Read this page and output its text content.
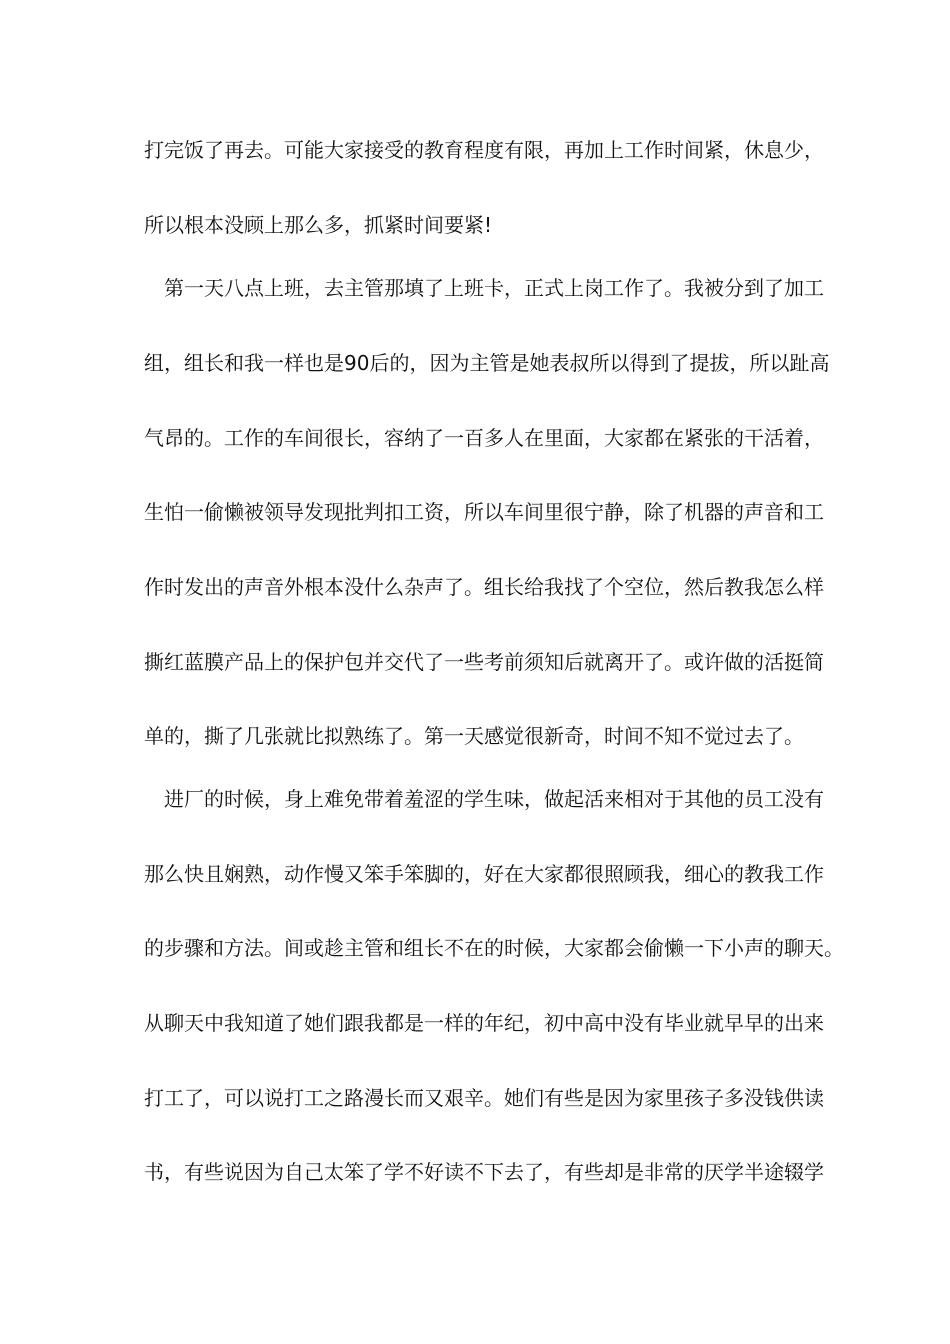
打完饭了再去。可能大家接受的教育程度有限，再加上工作时间紧，休息少，
所以根本没顾上那么多，抓紧时间要紧!
第一天八点上班，去主管那填了上班卡，正式上岗工作了。我被分到了加工
组，组长和我一样也是90后的，因为主管是她表叔所以得到了提拔，所以趾高
气昂的。工作的车间很长，容纳了一百多人在里面，大家都在紧张的干活着，
生怕一偷懒被领导发现批判扣工资，所以车间里很宁静，除了机器的声音和工
作时发出的声音外根本没什么杂声了。组长给我找了个空位，然后教我怎么样
撕红蓝膜产品上的保护包并交代了一些考前须知后就离开了。或许做的活挺简
单的，撕了几张就比拟熟练了。第一天感觉很新奇，时间不知不觉过去了。
进厂的时候，身上难免带着羞涩的学生味，做起活来相对于其他的员工没有
那么快且娴熟，动作慢又笨手笨脚的，好在大家都很照顾我，细心的教我工作
的步骤和方法。间或趁主管和组长不在的时候，大家都会偷懒一下小声的聊天。
从聊天中我知道了她们跟我都是一样的年纪，初中高中没有毕业就早早的出来
打工了，可以说打工之路漫长而又艰辛。她们有些是因为家里孩子多没钱供读
书，有些说因为自己太笨了学不好读不下去了，有些却是非常的厌学半途辍学
